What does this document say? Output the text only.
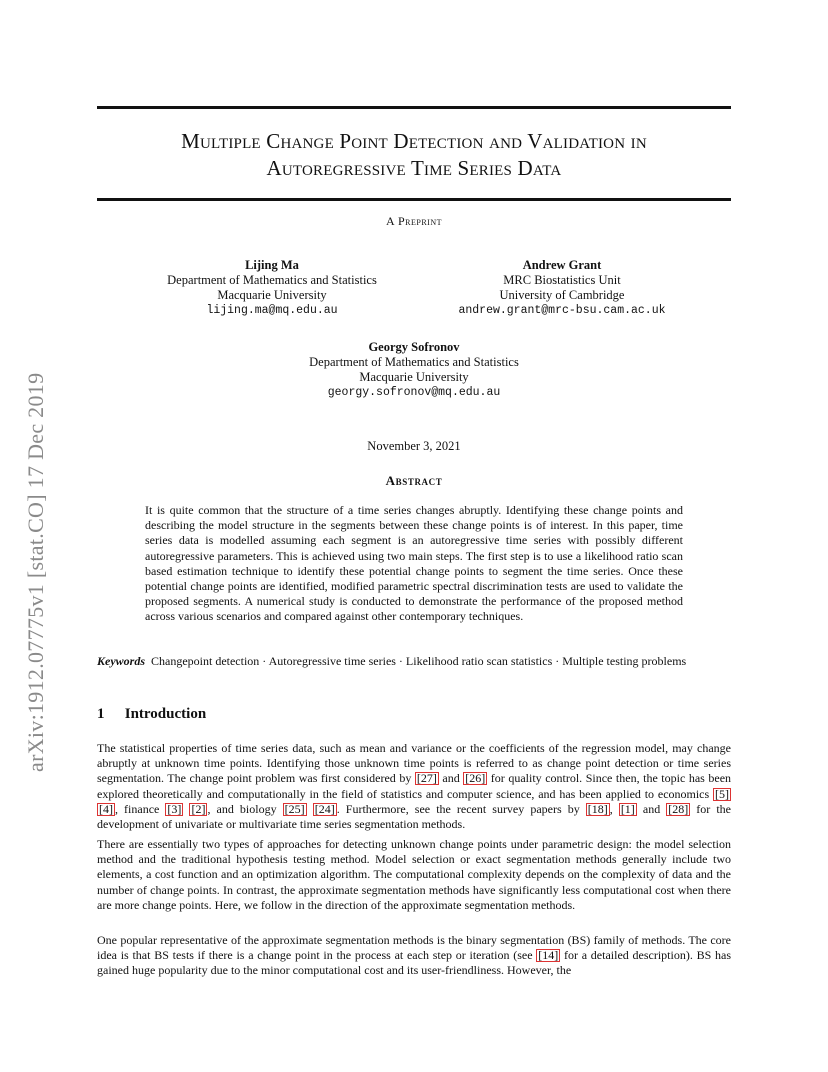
arXiv:1912.07775v1 [stat.CO] 17 Dec 2019
Multiple Change Point Detection and Validation in
Autoregressive Time Series Data
A Preprint
Lijing Ma
Department of Mathematics and Statistics
Macquarie University
lijing.ma@mq.edu.au
Andrew Grant
MRC Biostatistics Unit
University of Cambridge
andrew.grant@mrc-bsu.cam.ac.uk
Georgy Sofronov
Department of Mathematics and Statistics
Macquarie University
georgy.sofronov@mq.edu.au
November 3, 2021
Abstract
It is quite common that the structure of a time series changes abruptly. Identifying these change points and describing the model structure in the segments between these change points is of interest. In this paper, time series data is modelled assuming each segment is an autoregressive time series with possibly different autoregressive parameters. This is achieved using two main steps. The first step is to use a likelihood ratio scan based estimation technique to identify these potential change points to segment the time series. Once these potential change points are identified, modified parametric spectral discrimination tests are used to validate the proposed segments. A numerical study is conducted to demonstrate the performance of the proposed method across various scenarios and compared against other contemporary techniques.
Keywords Changepoint detection · Autoregressive time series · Likelihood ratio scan statistics · Multiple testing problems
1 Introduction
The statistical properties of time series data, such as mean and variance or the coefficients of the regression model, may change abruptly at unknown time points. Identifying those unknown time points is referred to as change point detection or time series segmentation. The change point problem was first considered by [27] and [26] for quality control. Since then, the topic has been explored theoretically and computationally in the field of statistics and computer science, and has been applied to economics [5] [4] , finance [3] [2] , and biology [25] [24] . Furthermore, see the recent survey papers by [18] , [1] and [28] for the development of univariate or multivariate time series segmentation methods.
There are essentially two types of approaches for detecting unknown change points under parametric design: the model selection method and the traditional hypothesis testing method. Model selection or exact segmentation methods generally include two elements, a cost function and an optimization algorithm. The computational complexity depends on the complexity of data and the number of change points. In contrast, the approximate segmentation methods have significantly less computational cost when there are more change points. Here, we follow in the direction of the approximate segmentation methods.
One popular representative of the approximate segmentation methods is the binary segmentation (BS) family of methods. The core idea is that BS tests if there is a change point in the process at each step or iteration (see [14] for a detailed description). BS has gained huge popularity due to the minor computational cost and its user-friendliness. However, the
